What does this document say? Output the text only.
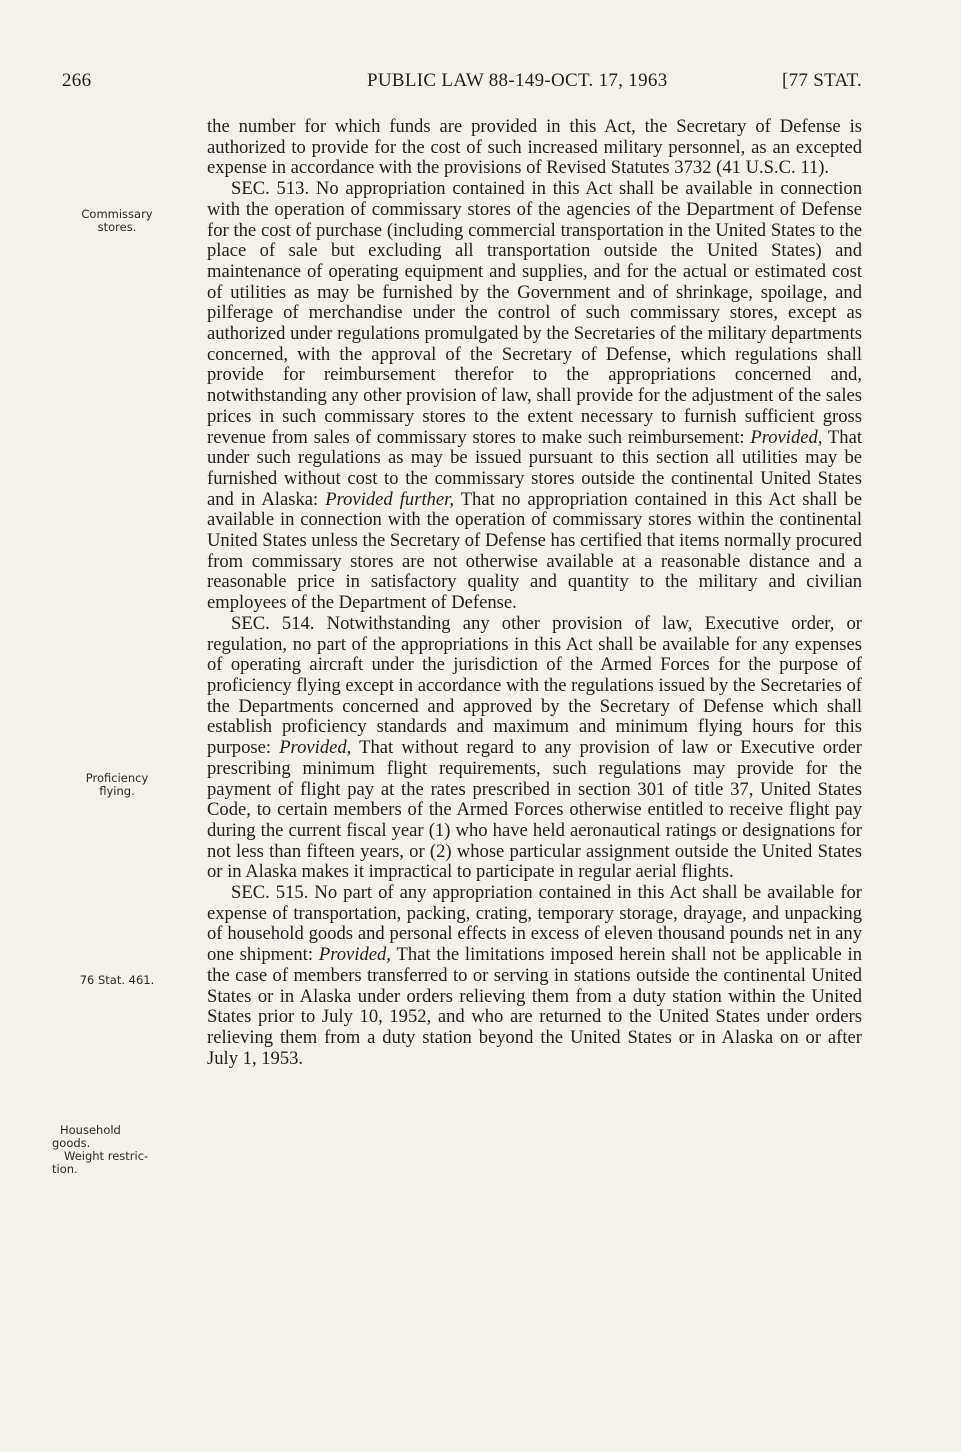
266	PUBLIC LAW 88-149-OCT. 17, 1963	[77 STAT.
Commissary
stores.
Proficiency
flying.
76 Stat. 461.
Household
goods.
Weight restric-
tion.

the number for which funds are provided in this Act, the Secretary of Defense is authorized to provide for the cost of such increased military personnel, as an excepted expense in accordance with the provisions of Revised Statutes 3732 (41 U.S.C. 11).

SEC. 513. No appropriation contained in this Act shall be available in connection with the operation of commissary stores of the agencies of the Department of Defense for the cost of purchase (including commercial transportation in the United States to the place of sale but excluding all transportation outside the United States) and maintenance of operating equipment and supplies, and for the actual or estimated cost of utilities as may be furnished by the Government and of shrinkage, spoilage, and pilferage of merchandise under the control of such commissary stores, except as authorized under regulations promulgated by the Secretaries of the military departments concerned, with the approval of the Secretary of Defense, which regulations shall provide for reimbursement therefor to the appropriations concerned and, notwithstanding any other provision of law, shall provide for the adjustment of the sales prices in such commissary stores to the extent necessary to furnish sufficient gross revenue from sales of commissary stores to make such reimbursement: Provided, That under such regulations as may be issued pursuant to this section all utilities may be furnished without cost to the commissary stores outside the continental United States and in Alaska: Provided further, That no appropriation contained in this Act shall be available in connection with the operation of commissary stores within the continental United States unless the Secretary of Defense has certified that items normally procured from commissary stores are not otherwise available at a reasonable distance and a reasonable price in satisfactory quality and quantity to the military and civilian employees of the Department of Defense.

SEC. 514. Notwithstanding any other provision of law, Executive order, or regulation, no part of the appropriations in this Act shall be available for any expenses of operating aircraft under the jurisdiction of the Armed Forces for the purpose of proficiency flying except in accordance with the regulations issued by the Secretaries of the Departments concerned and approved by the Secretary of Defense which shall establish proficiency standards and maximum and minimum flying hours for this purpose: Provided, That without regard to any provision of law or Executive order prescribing minimum flight requirements, such regulations may provide for the payment of flight pay at the rates prescribed in section 301 of title 37, United States Code, to certain members of the Armed Forces otherwise entitled to receive flight pay during the current fiscal year (1) who have held aeronautical ratings or designations for not less than fifteen years, or (2) whose particular assignment outside the United States or in Alaska makes it impractical to participate in regular aerial flights.

SEC. 515. No part of any appropriation contained in this Act shall be available for expense of transportation, packing, crating, temporary storage, drayage, and unpacking of household goods and personal effects in excess of eleven thousand pounds net in any one shipment: Provided, That the limitations imposed herein shall not be applicable in the case of members transferred to or serving in stations outside the continental United States or in Alaska under orders relieving them from a duty station within the United States prior to July 10, 1952, and who are returned to the United States under orders relieving them from a duty station beyond the United States or in Alaska on or after July 1, 1953.
